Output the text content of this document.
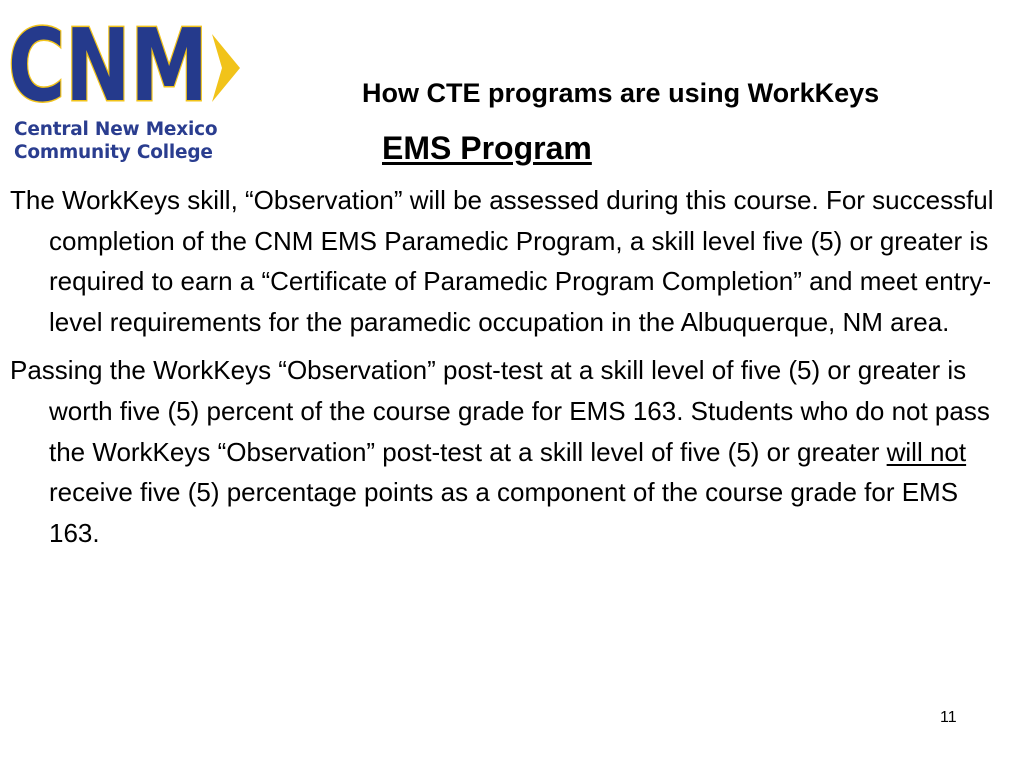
CNM
Central New Mexico
Community College
How CTE programs are using WorkKeys
EMS Program

The WorkKeys skill, “Observation” will be assessed during this course. For successful completion of the CNM EMS Paramedic Program, a skill level five (5) or greater is required to earn a “Certificate of Paramedic Program Completion” and meet entry-level requirements for the paramedic occupation in the Albuquerque, NM area.

Passing the WorkKeys “Observation” post-test at a skill level of five (5) or greater is worth five (5) percent of the course grade for EMS 163. Students who do not pass the WorkKeys “Observation” post-test at a skill level of five (5) or greater will not receive five (5) percentage points as a component of the course grade for EMS 163.

11
